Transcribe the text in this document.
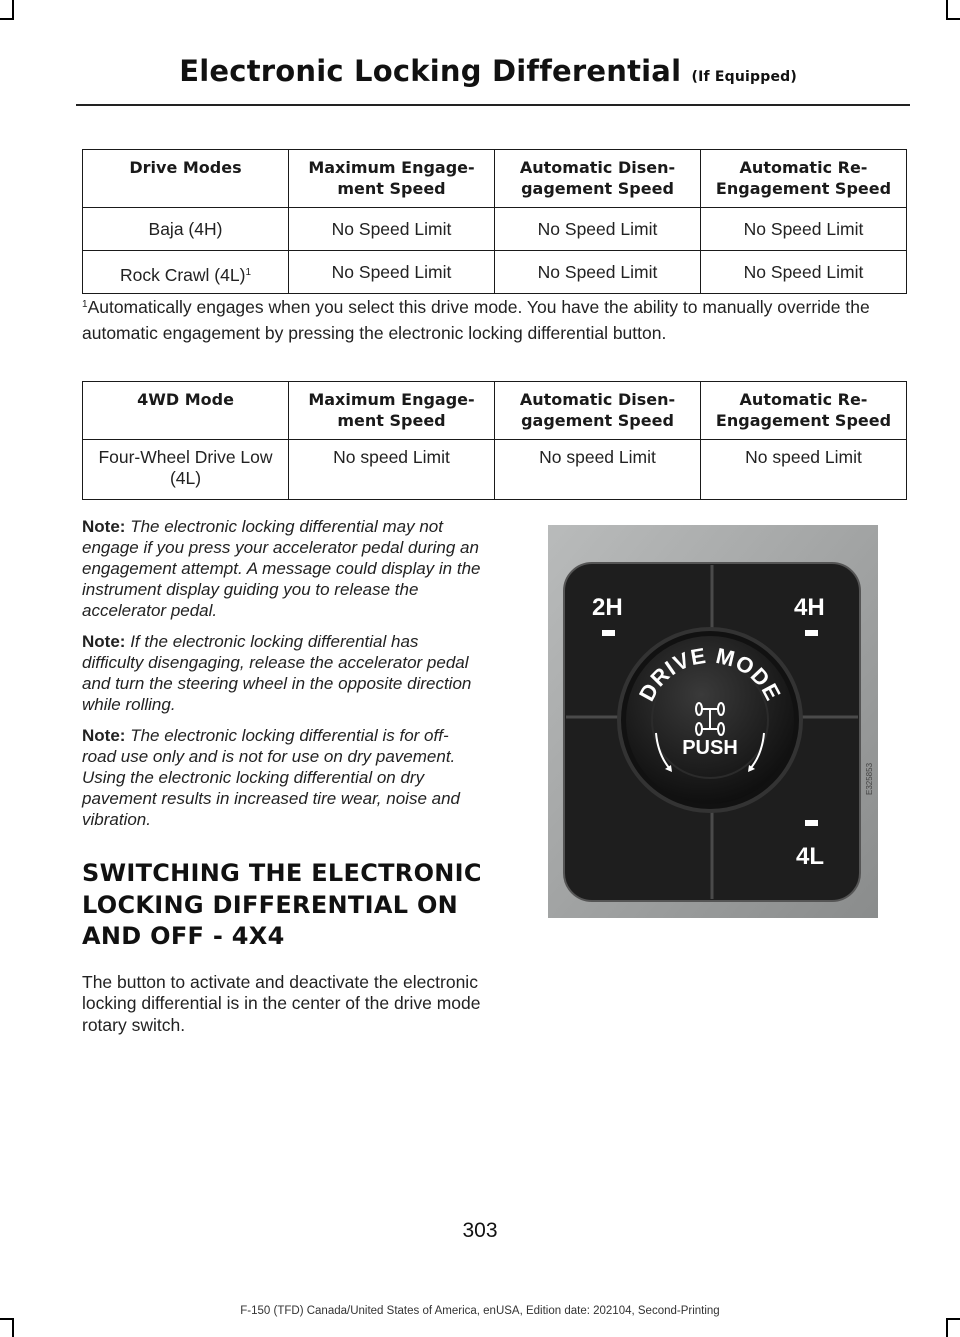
Electronic Locking Differential (If Equipped)
Drive Modes	Maximum Engage-ment Speed	Automatic Disen-gagement Speed	Automatic Re-Engagement Speed
Baja (4H)	No Speed Limit	No Speed Limit	No Speed Limit
Rock Crawl $(4L)^1$	No Speed Limit	No Speed Limit	No Speed Limit
$^1$Automatically engages when you select this drive mode. You have the ability to manually override the automatic engagement by pressing the electronic locking differential button.
4WD Mode	Maximum Engage-ment Speed	Automatic Disen-gagement Speed	Automatic Re-Engagement Speed
Four-Wheel Drive Low (4L)	No speed Limit	No speed Limit	No speed Limit

Note: The electronic locking differential may not engage if you press your accelerator pedal during an engagement attempt. A message could display in the instrument display guiding you to release the accelerator pedal.

Note: If the electronic locking differential has difficulty disengaging, release the accelerator pedal and turn the steering wheel in the opposite direction while rolling.

Note: The electronic locking differential is for off-road use only and is not for use on dry pavement. Using the electronic locking differential on dry pavement results in increased tire wear, noise and vibration.

SWITCHING THE ELECTRONIC LOCKING DIFFERENTIAL ON AND OFF - 4X4
The button to activate and deactivate the electronic locking differential is in the center of the drive mode rotary switch.
2H	4H
4L
DRIVE MODE
PUSH
E325853
303
F-150 (TFD) Canada/United States of America, enUSA, Edition date: 202104, Second-Printing
